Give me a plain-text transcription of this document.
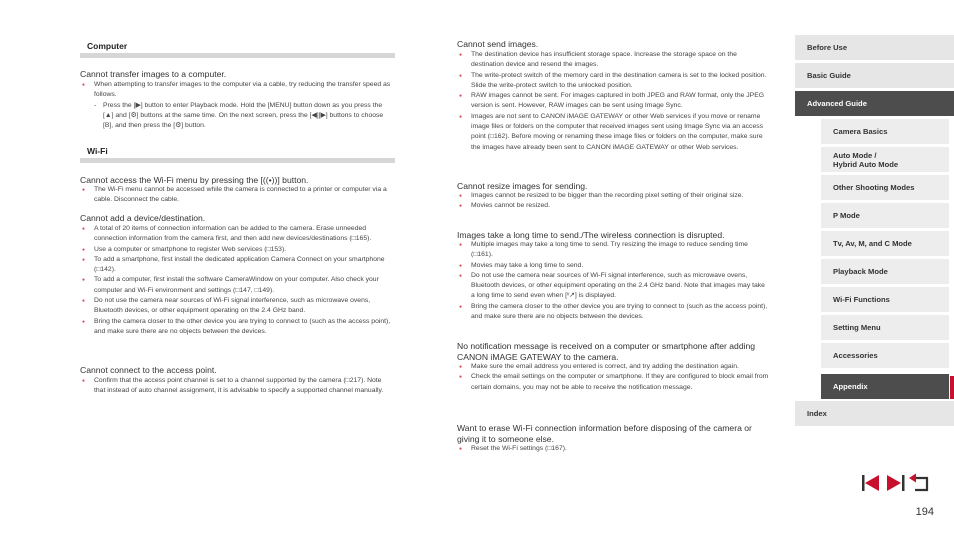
Computer
Cannot transfer images to a computer.
● When attempting to transfer images to the computer via a cable, try reducing the transfer speed as follows.
- Press the [▶] button to enter Playback mode. Hold the [MENU] button down as you press the [▲] and [⚙] buttons at the same time. On the next screen, press the [◀][▶] buttons to choose [B], and then press the [⚙] button.
Wi-Fi
Cannot access the Wi-Fi menu by pressing the [((•))] button.
● The Wi-Fi menu cannot be accessed while the camera is connected to a printer or computer via a cable. Disconnect the cable.
Cannot add a device/destination.
● A total of 20 items of connection information can be added to the camera. Erase unneeded connection information from the camera first, and then add new devices/destinations (□165).
● Use a computer or smartphone to register Web services (□153).
● To add a smartphone, first install the dedicated application Camera Connect on your smartphone (□142).
● To add a computer, first install the software CameraWindow on your computer. Also check your computer and Wi-Fi environment and settings (□147, □149).
● Do not use the camera near sources of Wi-Fi signal interference, such as microwave ovens, Bluetooth devices, or other equipment operating on the 2.4 GHz band.
● Bring the camera closer to the other device you are trying to connect to (such as the access point), and make sure there are no objects between the devices.
Cannot connect to the access point.
● Confirm that the access point channel is set to a channel supported by the camera (□217). Note that instead of auto channel assignment, it is advisable to specify a supported channel manually.
Cannot send images.
● The destination device has insufficient storage space. Increase the storage space on the destination device and resend the images.
● The write-protect switch of the memory card in the destination camera is set to the locked position. Slide the write-protect switch to the unlocked position.
● RAW images cannot be sent. For images captured in both JPEG and RAW format, only the JPEG version is sent. However, RAW images can be sent using Image Sync.
● Images are not sent to CANON iMAGE GATEWAY or other Web services if you move or rename image files or folders on the computer that received images sent using Image Sync via an access point (□162). Before moving or renaming these image files or folders on the computer, make sure the images have already been sent to CANON iMAGE GATEWAY or other Web services.
Cannot resize images for sending.
● Images cannot be resized to be bigger than the recording pixel setting of their original size.
● Movies cannot be resized.
Images take a long time to send./The wireless connection is disrupted.
● Multiple images may take a long time to send. Try resizing the image to reduce sending time (□161).
● Movies may take a long time to send.
● Do not use the camera near sources of Wi-Fi signal interference, such as microwave ovens, Bluetooth devices, or other equipment operating on the 2.4 GHz band. Note that images may take a long time to send even when [ᵛ↗] is displayed.
● Bring the camera closer to the other device you are trying to connect to (such as the access point), and make sure there are no objects between the devices.
No notification message is received on a computer or smartphone after adding CANON iMAGE GATEWAY to the camera.
● Make sure the email address you entered is correct, and try adding the destination again.
● Check the email settings on the computer or smartphone. If they are configured to block email from certain domains, you may not be able to receive the notification message.
Want to erase Wi-Fi connection information before disposing of the camera or giving it to someone else.
● Reset the Wi-Fi settings (□167).
Before Use
Basic Guide
Advanced Guide
Camera Basics
Auto Mode /
Hybrid Auto Mode
Other Shooting Modes
P Mode
Tv, Av, M, and C Mode
Playback Mode
Wi-Fi Functions
Setting Menu
Accessories
Appendix
Index
194
